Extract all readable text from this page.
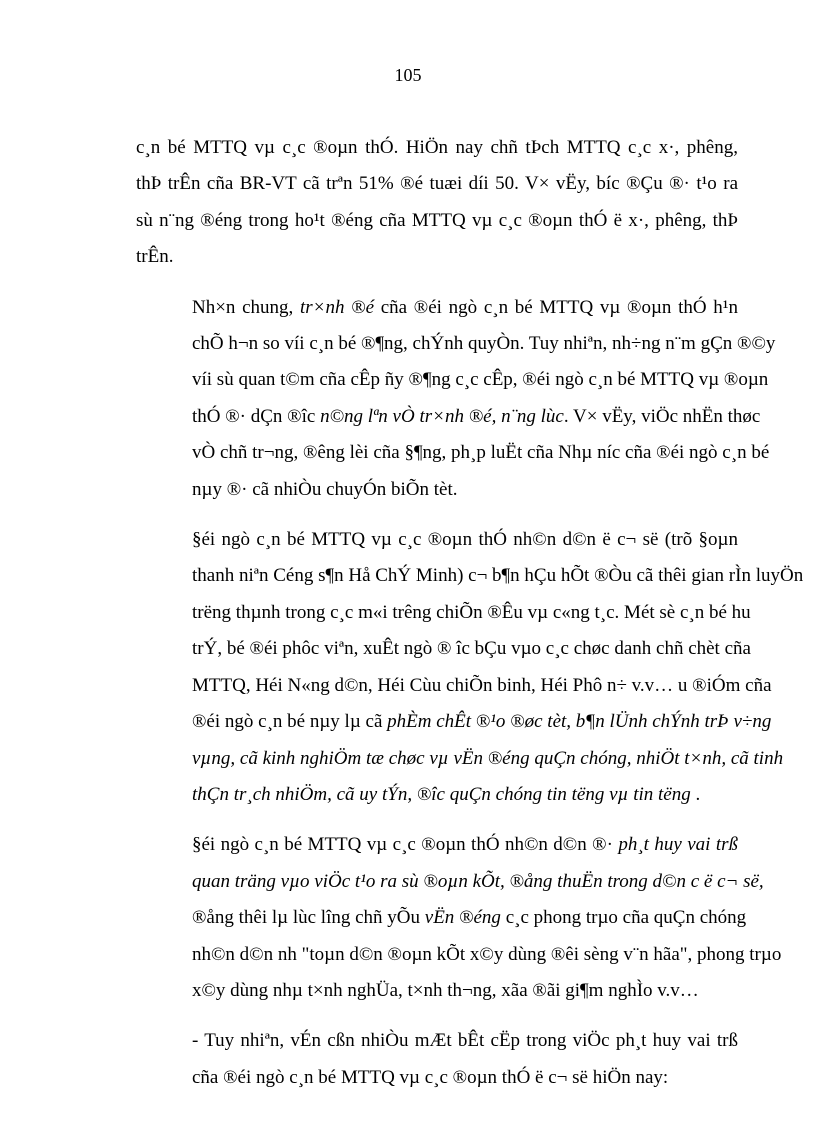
105

c¸n bé MTTQ vµ c¸c ®oµn thÓ. HiÖn nay chñ tÞch MTTQ c¸c x·, phêng,
thÞ trÊn cña BR-VT cã trªn 51% ®é tuæi díi 50. V× vËy, bíc ®Çu ®· t¹o ra
sù n¨ng ®éng trong ho¹t ®éng cña MTTQ vµ c¸c ®oµn thÓ ë x·, phêng, thÞ
trÊn.

Nh×n chung, tr×nh ®é cña ®éi ngò c¸n bé MTTQ vµ ®oµn thÓ h¹n
chÕ h¬n so víi c¸n bé ®¶ng, chÝnh quyÒn. Tuy nhiªn, nh÷ng n¨m gÇn ®©y
víi sù quan t©m cña cÊp ñy ®¶ng c¸c cÊp, ®éi ngò c¸n bé MTTQ vµ ®oµn
thÓ ®· dÇn ®îc n©ng lªn vÒ tr×nh ®é, n¨ng lùc. V× vËy, viÖc nhËn thøc
vÒ chñ tr¬ng, ®êng lèi cña §¶ng, ph¸p luËt cña Nhµ níc cña ®éi ngò c¸n bé
nµy ®· cã nhiÒu chuyÓn biÕn tèt.

§éi ngò c¸n bé MTTQ vµ c¸c ®oµn thÓ nh©n d©n ë c¬ së (trõ §oµn
thanh niªn Céng s¶n Hå ChÝ Minh) c¬ b¶n hÇu hÕt ®Òu cã thêi gian rÌn luyÖn
trëng thµnh trong c¸c m«i trêng chiÕn ®Êu vµ c«ng t¸c. Mét sè c¸n bé hu
trÝ, bé ®éi phôc viªn, xuÊt ngò ® îc bÇu vµo c¸c chøc danh chñ chèt cña
MTTQ, Héi N«ng d©n, Héi Cùu chiÕn binh, Héi Phô n÷ v.v… u ®iÓm cña
®éi ngò c¸n bé nµy lµ cã phÈm chÊt ®¹o ®øc tèt, b¶n lÜnh chÝnh trÞ v÷ng
vµng, cã kinh nghiÖm tæ chøc vµ vËn ®éng quÇn chóng, nhiÖt t×nh, cã tinh
thÇn tr¸ch nhiÖm, cã uy tÝn, ®îc quÇn chóng tin tëng vµ tin tëng .

§éi ngò c¸n bé MTTQ vµ c¸c ®oµn thÓ nh©n d©n ®· ph¸t huy vai trß
quan träng vµo viÖc t¹o ra sù ®oµn kÕt, ®ång thuËn trong d©n c ë c¬ së,
®ång thêi lµ lùc lîng chñ yÕu vËn ®éng c¸c phong trµo cña quÇn chóng
nh©n d©n nh "toµn d©n ®oµn kÕt x©y dùng ®êi sèng v¨n hãa", phong trµo
x©y dùng nhµ t×nh nghÜa, t×nh th¬ng, xãa ®ãi gi¶m nghÌo v.v…

- Tuy nhiªn, vÉn cßn nhiÒu mÆt bÊt cËp trong viÖc ph¸t huy vai trß
cña ®éi ngò c¸n bé MTTQ vµ c¸c ®oµn thÓ ë c¬ së hiÖn nay:
